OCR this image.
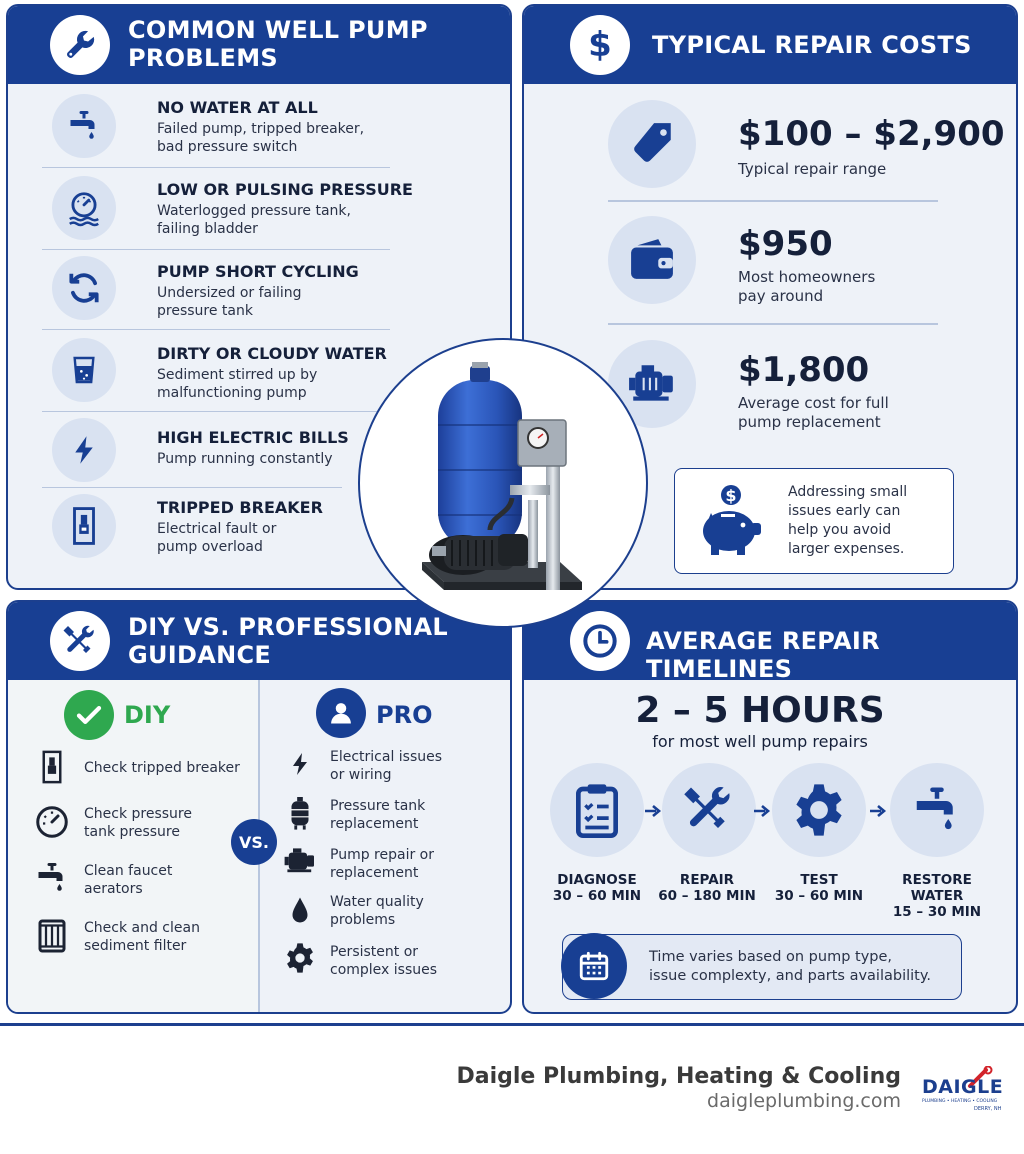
COMMON WELL PUMP
PROBLEMS
NO WATER AT ALL
Failed pump, tripped breaker,
bad pressure switch
LOW OR PULSING PRESSURE
Waterlogged pressure tank,
failing bladder
PUMP SHORT CYCLING
Undersized or failing
pressure tank
DIRTY OR CLOUDY WATER
Sediment stirred up by
malfunctioning pump
HIGH ELECTRIC BILLS
Pump running constantly
TRIPPED BREAKER
Electrical fault or
pump overload
$ TYPICAL REPAIR COSTS
$100 – $2,900
Typical repair range
$950
Most homeowners
pay around
$1,800
Average cost for full
pump replacement
$	Addressing small
issues early can
help you avoid
larger expenses.
DIY VS. PROFESSIONAL
GUIDANCE
DIY
Check tripped breaker
Check pressure
tank pressure
Clean faucet
aerators
Check and clean
sediment filter
VS.
PRO
Electrical issues
or wiring
Pressure tank
replacement
Pump repair or
replacement
Water quality
problems
Persistent or
complex issues
AVERAGE REPAIR TIMELINES
2 – 5 HOURS
for most well pump repairs
DIAGNOSE
30 – 60 MIN
REPAIR
60 – 180 MIN
TEST
30 – 60 MIN
RESTORE
WATER
15 – 30 MIN
Time varies based on pump type,
issue complexty, and parts availability.
Daigle Plumbing, Heating & Cooling
daigleplumbing.com
DAIGLE
PLUMBING • HEATING • COOLING
DERRY, NH
